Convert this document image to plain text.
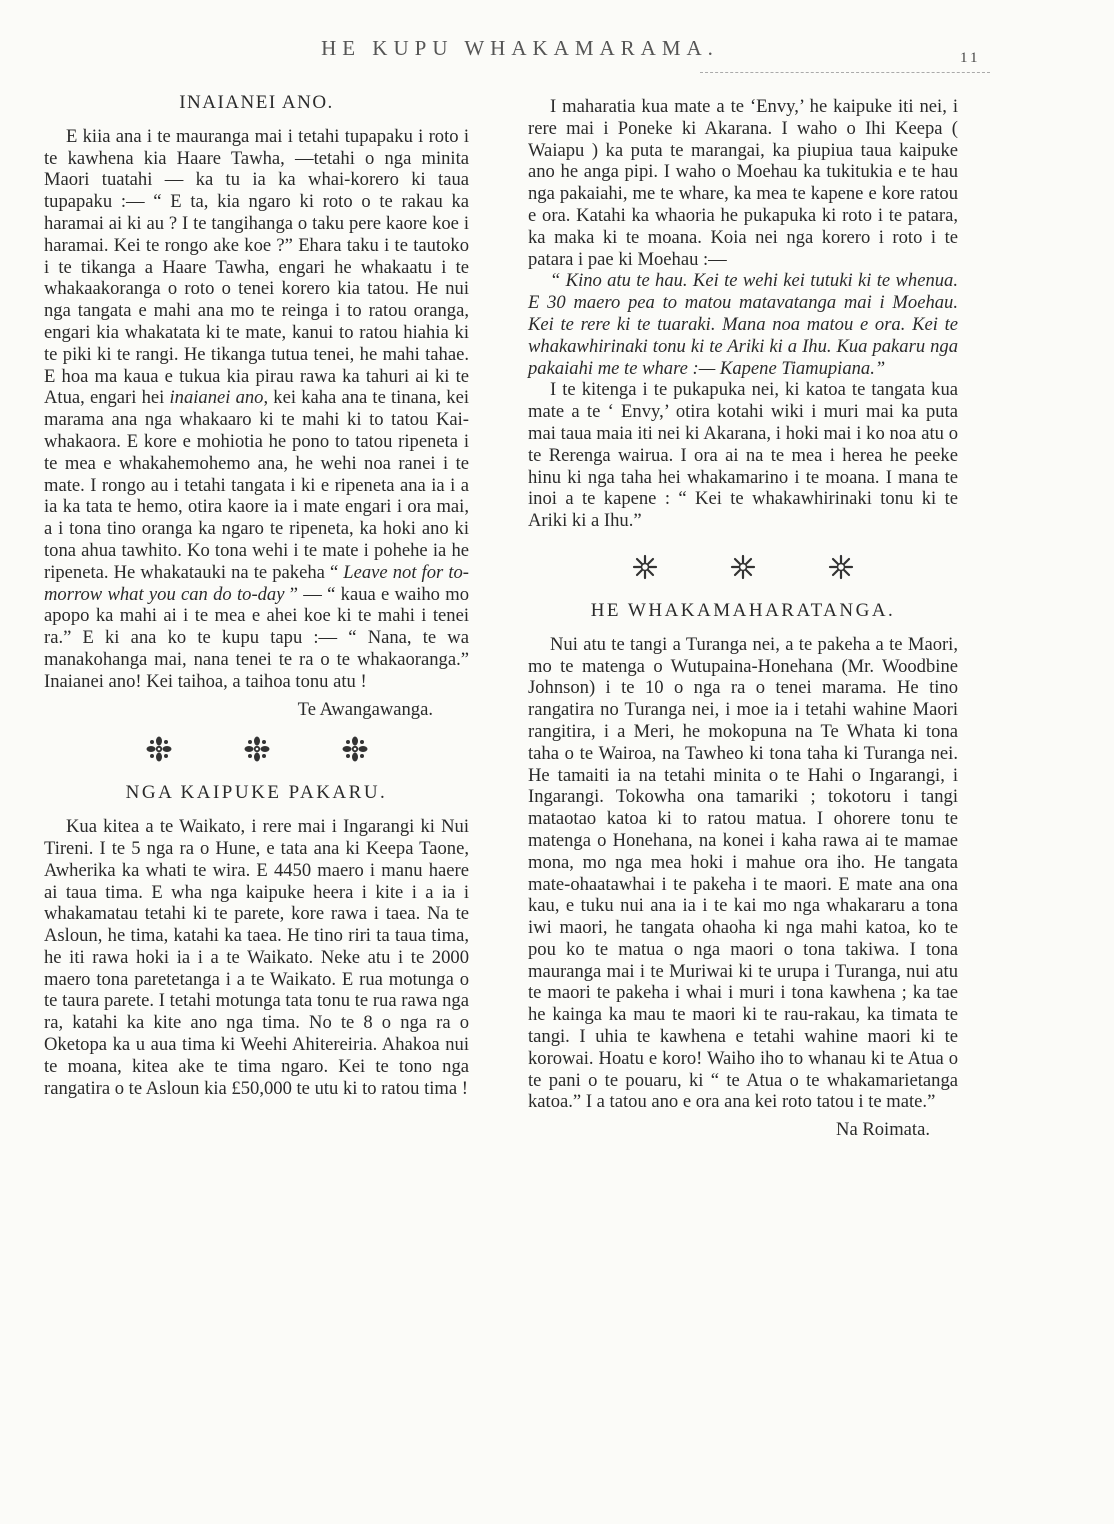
HE KUPU WHAKAMARAMA.	11
INAIANEI ANO.

E kiia ana i te mauranga mai i tetahi tupapaku i roto i te kawhena kia Haare Tawha, —tetahi o nga minita Maori tuatahi — ka tu ia ka whai-korero ki taua tupapaku :— “ E ta, kia ngaro ki roto o te rakau ka haramai ai ki au ? I te tangihanga o taku pere kaore koe i haramai. Kei te rongo ake koe ?” Ehara taku i te tautoko i te tikanga a Haare Tawha, engari he whakaatu i te whakaakoranga o roto o tenei korero kia tatou. He nui nga tangata e mahi ana mo te reinga i to ratou oranga, engari kia whakatata ki te mate, kanui to ratou hiahia ki te piki ki te rangi. He tikanga tutua tenei, he mahi tahae. E hoa ma kaua e tukua kia pirau rawa ka tahuri ai ki te Atua, engari hei inaianei ano, kei kaha ana te tinana, kei marama ana nga whakaaro ki te mahi ki to tatou Kai-whakaora. E kore e mohiotia he pono to tatou ripeneta i te mea e whakahemohemo ana, he wehi noa ranei i te mate. I rongo au i tetahi tangata i ki e ripeneta ana ia i a ia ka tata te hemo, otira kaore ia i mate engari i ora mai, a i tona tino oranga ka ngaro te ripeneta, ka hoki ano ki tona ahua tawhito. Ko tona wehi i te mate i pohehe ia he ripeneta. He whakatauki na te pakeha “ Leave not for to-morrow what you can do to-day ” — “ kaua e waiho mo apopo ka mahi ai i te mea e ahei koe ki te mahi i tenei ra.” E ki ana ko te kupu tapu :— “ Nana, te wa manakohanga mai, nana tenei te ra o te whakaoranga.” Inaianei ano! Kei taihoa, a taihoa tonu atu !

Te Awangawanga.

NGA KAIPUKE PAKARU.

Kua kitea a te Waikato, i rere mai i Ingarangi ki Nui Tireni. I te 5 nga ra o Hune, e tata ana ki Keepa Taone, Awherika ka whati te wira. E 4450 maero i manu haere ai taua tima. E wha nga kaipuke heera i kite i a ia i whakamatau tetahi ki te parete, kore rawa i taea. Na te Asloun, he tima, katahi ka taea. He tino riri ta taua tima, he iti rawa hoki ia i a te Waikato. Neke atu i te 2000 maero tona paretetanga i a te Waikato. E rua motunga o te taura parete. I tetahi motunga tata tonu te rua rawa nga ra, katahi ka kite ano nga tima. No te 8 o nga ra o Oketopa ka u aua tima ki Weehi Ahitereiria. Ahakoa nui te moana, kitea ake te tima ngaro. Kei te tono nga rangatira o te Asloun kia £50,000 te utu ki to ratou tima !

I maharatia kua mate a te ‘Envy,’ he kaipuke iti nei, i rere mai i Poneke ki Akarana. I waho o Ihi Keepa ( Waiapu ) ka puta te marangai, ka piupiua taua kaipuke ano he anga pipi. I waho o Moehau ka tukitukia e te hau nga pakaiahi, me te whare, ka mea te kapene e kore ratou e ora. Katahi ka whaoria he pukapuka ki roto i te patara, ka maka ki te moana. Koia nei nga korero i roto i te patara i pae ki Moehau :—

“ Kino atu te hau. Kei te wehi kei tutuki ki te whenua. E 30 maero pea to matou matavatanga mai i Moehau. Kei te rere ki te tuaraki. Mana noa matou e ora. Kei te whakawhirinaki tonu ki te Ariki ki a Ihu. Kua pakaru nga pakaiahi me te whare :— Kapene Tiamupiana.”

I te kitenga i te pukapuka nei, ki katoa te tangata kua mate a te ‘ Envy,’ otira kotahi wiki i muri mai ka puta mai taua maia iti nei ki Akarana, i hoki mai i ko noa atu o te Rerenga wairua. I ora ai na te mea i herea he peeke hinu ki nga taha hei whakamarino i te moana. I mana te inoi a te kapene : “ Kei te whakawhirinaki tonu ki te Ariki ki a Ihu.”

HE WHAKAMAHARATANGA.

Nui atu te tangi a Turanga nei, a te pakeha a te Maori, mo te matenga o Wutupaina-Honehana (Mr. Woodbine Johnson) i te 10 o nga ra o tenei marama. He tino rangatira no Turanga nei, i moe ia i tetahi wahine Maori rangitira, i a Meri, he mokopuna na Te Whata ki tona taha o te Wairoa, na Tawheo ki tona taha ki Turanga nei. He tamaiti ia na tetahi minita o te Hahi o Ingarangi, i Ingarangi. Tokowha ona tamariki ; tokotoru i tangi mataotao katoa ki to ratou matua. I ohorere tonu te matenga o Honehana, na konei i kaha rawa ai te mamae mona, mo nga mea hoki i mahue ora iho. He tangata mate-ohaatawhai i te pakeha i te maori. E mate ana ona kau, e tuku nui ana ia i te kai mo nga whakararu a tona iwi maori, he tangata ohaoha ki nga mahi katoa, ko te pou ko te matua o nga maori o tona takiwa. I tona mauranga mai i te Muriwai ki te urupa i Turanga, nui atu te maori te pakeha i whai i muri i tona kawhena ; ka tae he kainga ka mau te maori ki te rau-rakau, ka timata te tangi. I uhia te kawhena e tetahi wahine maori ki te korowai. Hoatu e koro! Waiho iho to whanau ki te Atua o te pani o te pouaru, ki “ te Atua o te whakamarietanga katoa.” I a tatou ano e ora ana kei roto tatou i te mate.”

Na Roimata.
